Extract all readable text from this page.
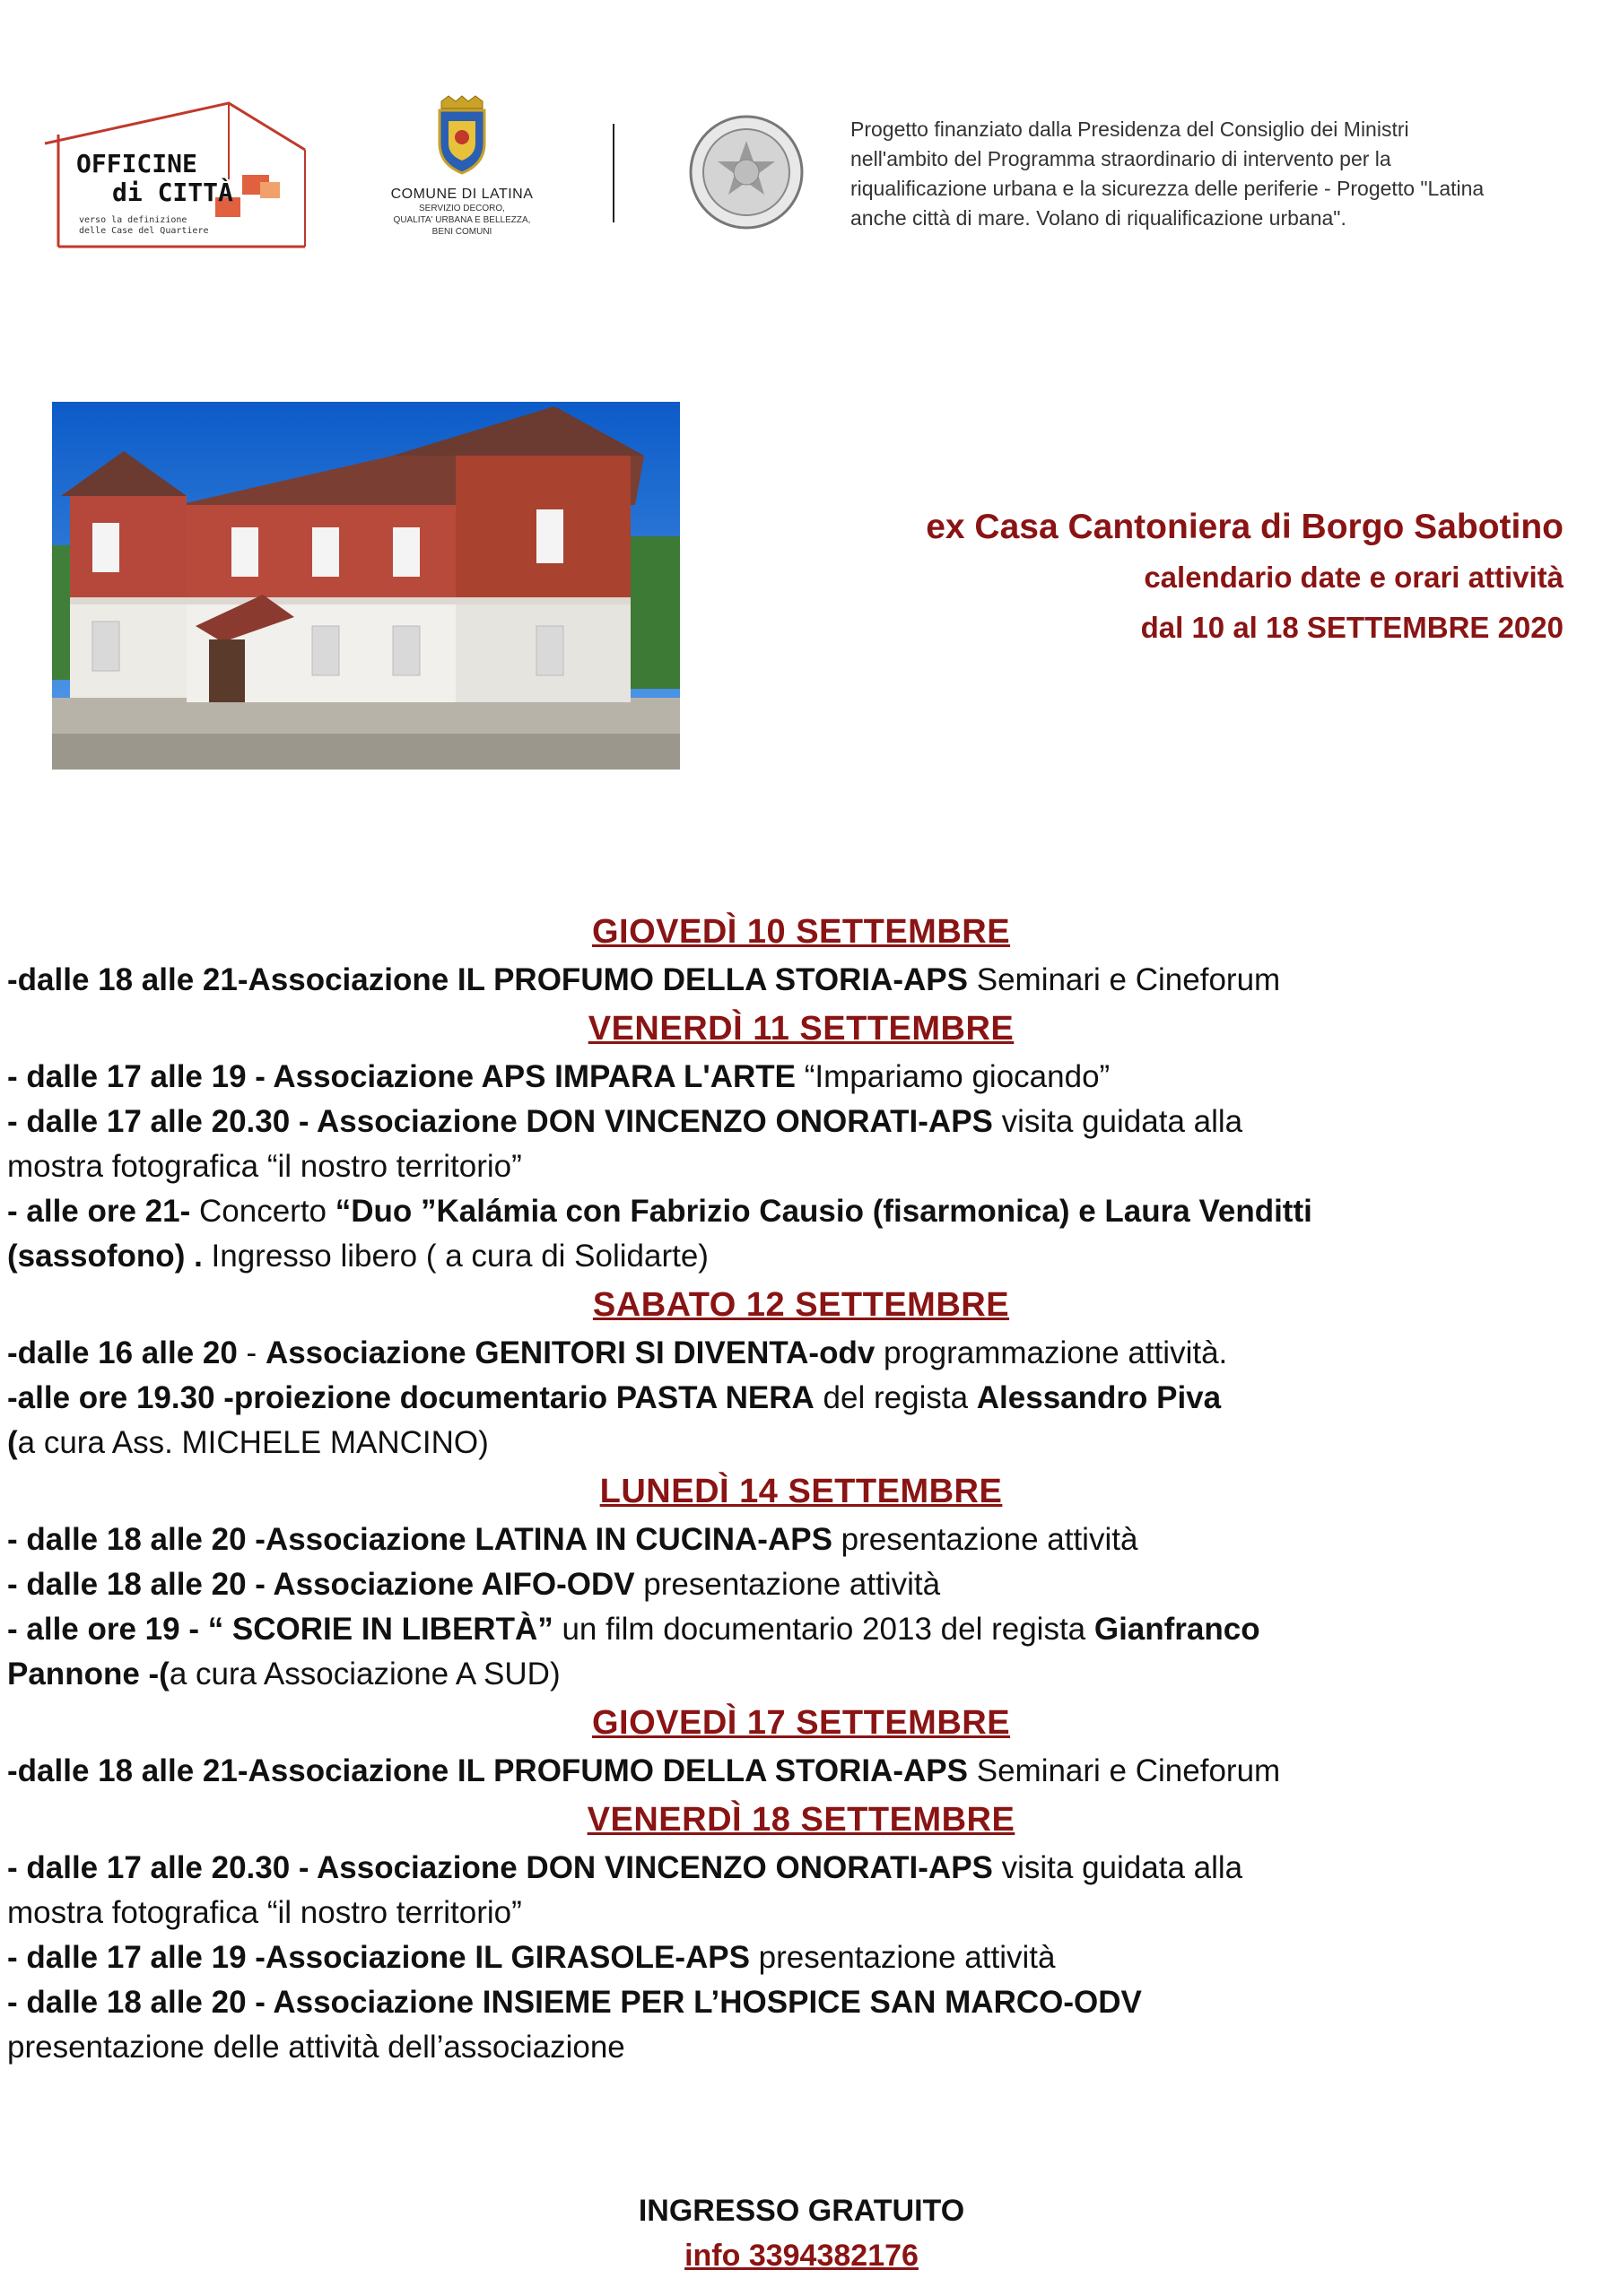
OFFICINE
di CITTÀ
verso la definizione
delle Case del Quartiere
COMUNE DI LATINA
SERVIZIO DECORO,
QUALITA' URBANA E BELLEZZA,
BENI COMUNI
Progetto finanziato dalla Presidenza del Consiglio dei Ministri
nell'ambito del Programma straordinario di intervento per la
riqualificazione urbana e la sicurezza delle periferie - Progetto "Latina
anche città di mare. Volano di riqualificazione urbana".
ex Casa Cantoniera di Borgo Sabotino
calendario date e orari attività
dal 10 al 18 SETTEMBRE 2020
GIOVEDÌ 10 SETTEMBRE

-dalle 18 alle 21-Associazione IL PROFUMO DELLA STORIA-APS Seminari e Cineforum

VENERDÌ 11 SETTEMBRE

- dalle 17 alle 19 - Associazione APS IMPARA L'ARTE “Impariamo giocando”

- dalle 17 alle 20.30 - Associazione DON VINCENZO ONORATI-APS visita guidata alla
mostra fotografica “il nostro territorio”

- alle ore 21- Concerto “Duo ”Kalámia con Fabrizio Causio (fisarmonica) e Laura Venditti
(sassofono) . Ingresso libero ( a cura di Solidarte)

SABATO 12 SETTEMBRE

-dalle 16 alle 20 - Associazione GENITORI SI DIVENTA-odv programmazione attività.

-alle ore 19.30 -proiezione documentario PASTA NERA del regista Alessandro Piva
(a cura Ass. MICHELE MANCINO)

LUNEDÌ 14 SETTEMBRE

- dalle 18 alle 20 -Associazione LATINA IN CUCINA-APS presentazione attività

- dalle 18 alle 20 - Associazione AIFO-ODV presentazione attività

- alle ore 19 - “ SCORIE IN LIBERTÀ” un film documentario 2013 del regista Gianfranco
Pannone -(a cura Associazione A SUD)

GIOVEDÌ 17 SETTEMBRE

-dalle 18 alle 21-Associazione IL PROFUMO DELLA STORIA-APS Seminari e Cineforum

VENERDÌ 18 SETTEMBRE

- dalle 17 alle 20.30 - Associazione DON VINCENZO ONORATI-APS visita guidata alla
mostra fotografica “il nostro territorio”

- dalle 17 alle 19 -Associazione IL GIRASOLE-APS presentazione attività

- dalle 18 alle 20 - Associazione INSIEME PER L’HOSPICE SAN MARCO-ODV
presentazione delle attività dell’associazione

INGRESSO GRATUITO
info 3394382176
